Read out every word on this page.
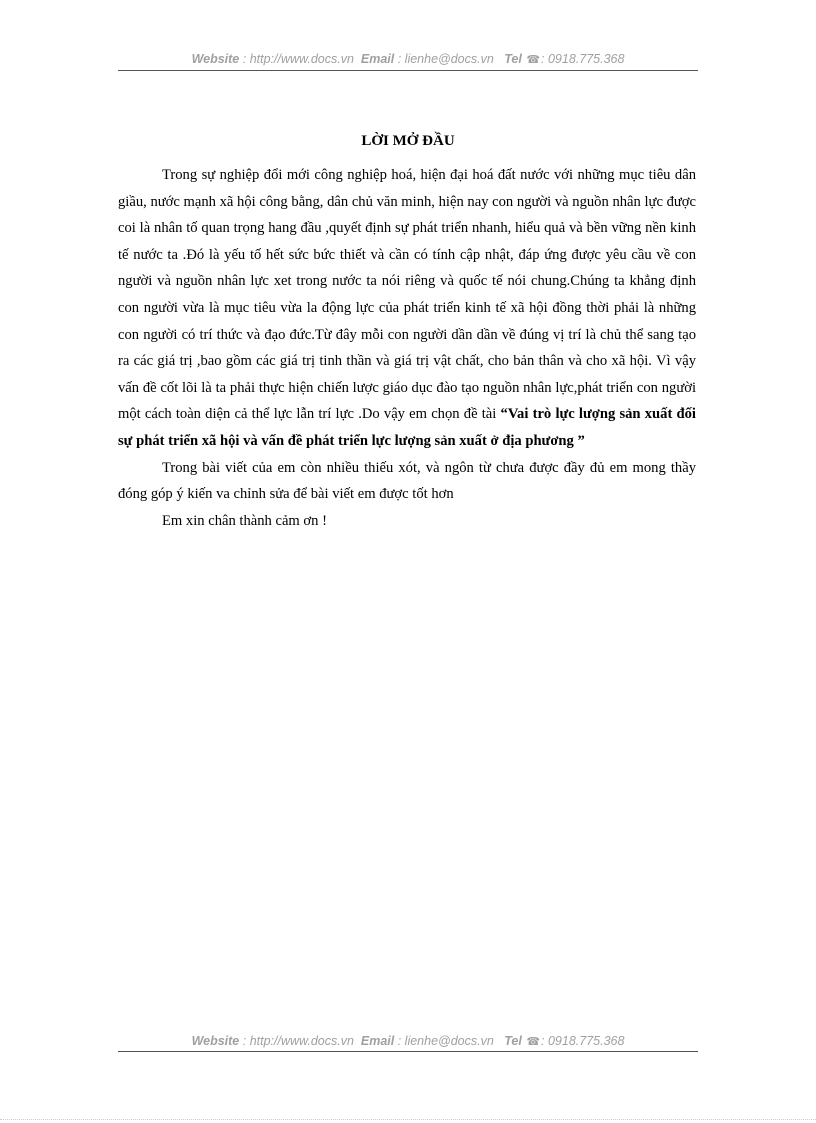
Website : http://www.docs.vn Email : lienhe@docs.vn Tel ☎: 0918.775.368
LỜI MỞ ĐẦU

Trong sự nghiệp đổi mới công nghiệp hoá, hiện đại hoá đất nước với những mục tiêu dân giầu, nước mạnh xã hội công bằng, dân chủ văn minh, hiện nay con người và nguồn nhân lực được coi là nhân tố quan trọng hang đầu ,quyết định sự phát triển nhanh, hiểu quả và bền vững nền kinh tế nước ta .Đó là yếu tố hết sức bức thiết và cần có tính cập nhật, đáp ứng được yêu cầu về con người và nguồn nhân lực xet trong nước ta nói riêng và quốc tế nói chung.Chúng ta khẳng định con người vừa là mục tiêu vừa la động lực của phát triển kinh tế xã hội đồng thời phải là những con người có trí thức và đạo đức.Từ đây mỗi con người dần dần về đúng vị trí là chủ thể sang tạo ra các giá trị ,bao gồm các giá trị tinh thần và giá trị vật chất, cho bản thân và cho xã hội. Vì vậy vấn đề cốt lõi là ta phải thực hiện chiến lược giáo dục đào tạo nguồn nhân lực,phát triển con người một cách toàn diện cả thể lực lẫn trí lực .Do vậy em chọn đề tài “Vai trò lực lượng sản xuất đối sự phát triển xã hội và vấn đề phát triển lực lượng sản xuất ở địa phương ”

Trong bài viết của em còn nhiều thiếu xót, và ngôn từ chưa được đầy đủ em mong thầy đóng góp ý kiến va chỉnh sửa để bài viết em được tốt hơn

Em xin chân thành cảm ơn !

Website : http://www.docs.vn Email : lienhe@docs.vn Tel ☎: 0918.775.368
